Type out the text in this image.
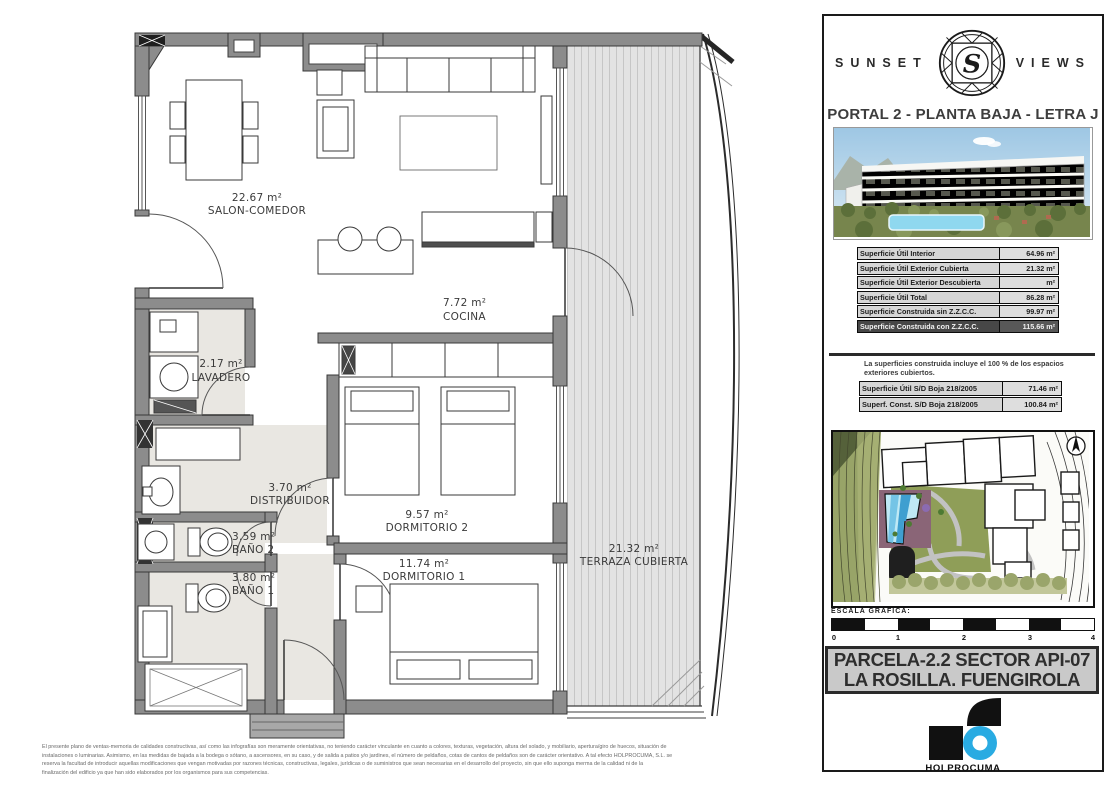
22.67 m²
SALON-COMEDOR
7.72 m²
COCINA
2.17 m²
LAVADERO
3.70 m²
DISTRIBUIDOR
9.57 m²
DORMITORIO 2
11.74 m²
DORMITORIO 1
3.59 m²
BAÑO 2
3.80 m²
BAÑO 1
21.32 m²
TERRAZA CUBIERTA
El presente plano de ventas-memoria de calidades constructivas, así como las infografías son meramente orientativas, no teniendo carácter vinculante en cuanto a colores, texturas, vegetación, altura del solado, y mobiliario, apertura/giro de huecos, situación de
instalaciones o luminarias. Asimismo, en las medidas de bajada a la bodega o sótano, a ascensores, en su caso, y de salida a patios y/o jardines, el número de peldaños, cotas de cantos de peldaños son de carácter orientativo. A tal efecto HOLPROCUMA, S.L. se
reserva la facultad de introducir aquellas modificaciones que vengan motivadas por razones técnicas, constructivas, legales, jurídicas o de suministros que sean necesarias en el desarrollo del proyecto, sin que ello suponga merma de la calidad ni de la
finalización del edificio ya que han sido elaborados por los organismos para sus competencias.
SUNSET S	VIEWS
PORTAL 2 - PLANTA BAJA - LETRA J
Superficie Útil Interior	64.96 m²
Superficie Útil Exterior Cubierta	21.32 m²
Superficie Útil Exterior Descubierta	m²
Superficie Útil Total	86.28 m²
Superficie Construida sin Z.Z.C.C.	99.97 m²
Superficie Construida con Z.Z.C.C.	115.66 m²
La superficies construida incluye el 100 % de los espacios exteriores cubiertos.
Superficie Útil S/D Boja 218/2005	71.46 m²
Superf. Const. S/D Boja 218/2005	100.84 m²
ESCALA GRAFICA:
0	1	2	3	4
PARCELA-2.2 SECTOR API-07
LA ROSILLA. FUENGIROLA
HOLPROCUMA
